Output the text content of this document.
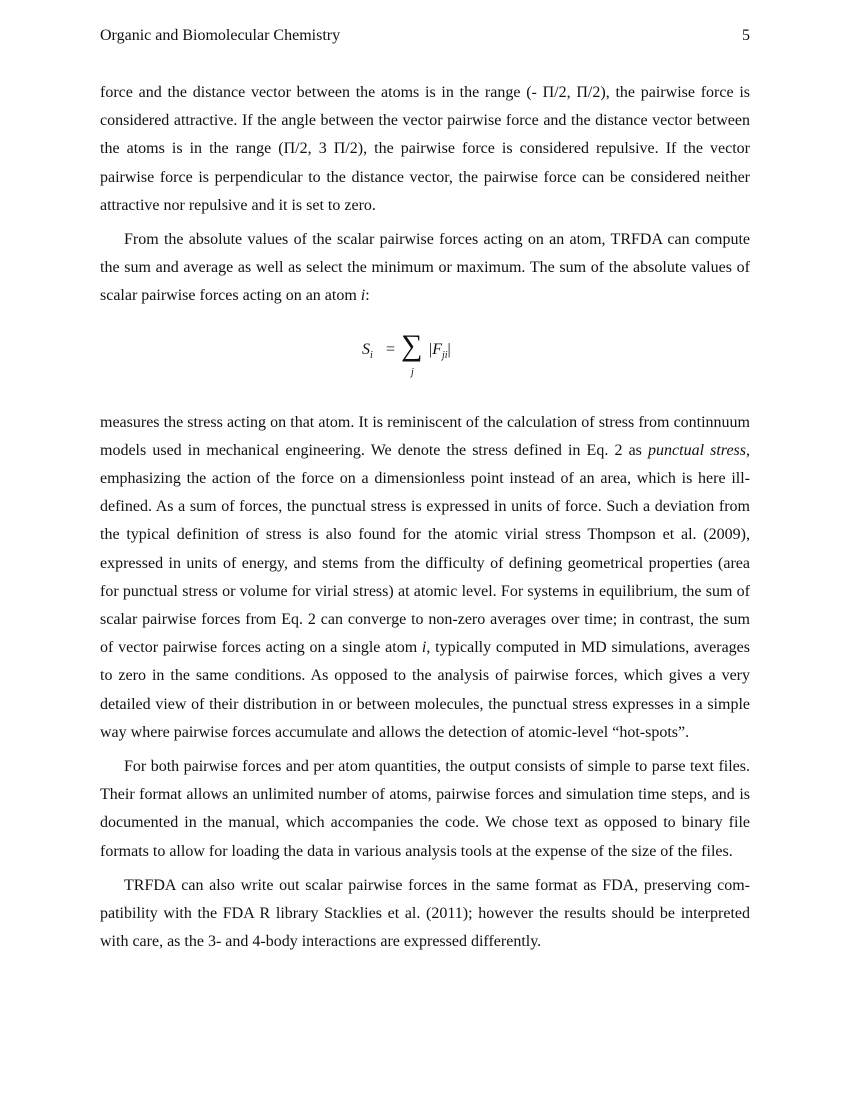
Organic and Biomolecular Chemistry	5

force and the distance vector between the atoms is in the range (- Π/2, Π/2), the pairwise force is considered attractive. If the angle between the vector pairwise force and the distance vector between the atoms is in the range (Π/2, 3 Π/2), the pairwise force is considered repulsive. If the vector pairwise force is perpendicular to the distance vector, the pairwise force can be considered neither attractive nor repulsive and it is set to zero.

From the absolute values of the scalar pairwise forces acting on an atom, TRFDA can compute the sum and average as well as select the minimum or maximum. The sum of the absolute values of scalar pairwise forces acting on an atom i:

$S_i$ = ∑
j
$|F_{ji}|$

measures the stress acting on that atom. It is reminiscent of the calculation of stress from continnuum models used in mechanical engineering. We denote the stress defined in Eq. 2 as punctual stress, emphasizing the action of the force on a dimensionless point instead of an area, which is here ill-defined. As a sum of forces, the punctual stress is expressed in units of force. Such a deviation from the typical definition of stress is also found for the atomic virial stress Thompson et al. (2009), expressed in units of energy, and stems from the difficulty of defining geometrical properties (area for punctual stress or volume for virial stress) at atomic level. For systems in equilibrium, the sum of scalar pairwise forces from Eq. 2 can converge to non-zero averages over time; in contrast, the sum of vector pairwise forces acting on a single atom i, typically computed in MD simulations, averages to zero in the same conditions. As opposed to the analysis of pairwise forces, which gives a very detailed view of their distribution in or between molecules, the punctual stress expresses in a simple way where pairwise forces accumulate and allows the detection of atomic-level “hot-spots”.

For both pairwise forces and per atom quantities, the output consists of simple to parse text files. Their format allows an unlimited number of atoms, pairwise forces and simulation time steps, and is documented in the manual, which accompanies the code. We chose text as opposed to binary file formats to allow for loading the data in various analysis tools at the expense of the size of the files.

TRFDA can also write out scalar pairwise forces in the same format as FDA, preserving compatibility with the FDA R library Stacklies et al. (2011); however the results should be interpreted with care, as the 3- and 4-body interactions are expressed differently.
